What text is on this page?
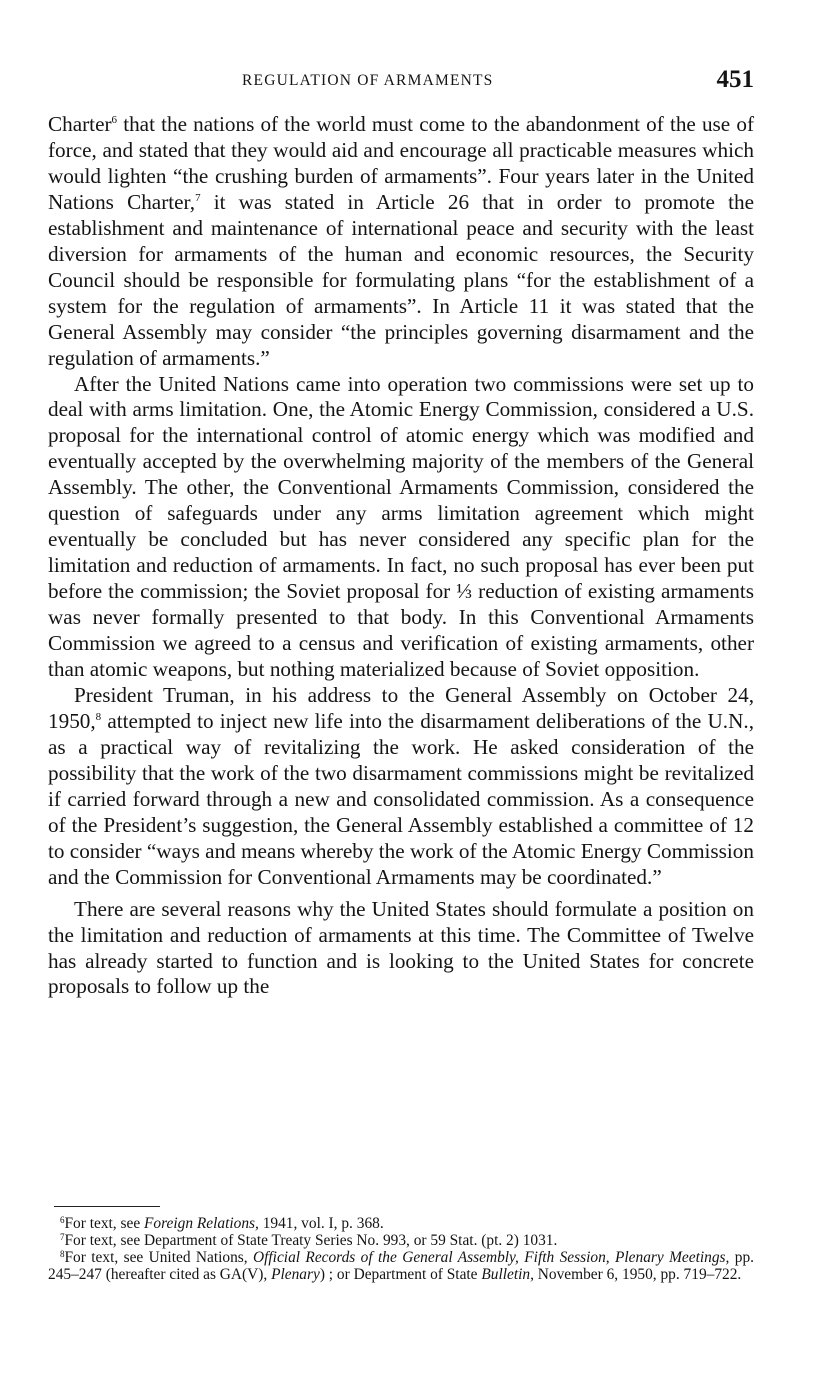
REGULATION OF ARMAMENTS	451

Charter$^6$ that the nations of the world must come to the abandonment of the use of force, and stated that they would aid and encourage all practicable measures which would lighten “the crushing burden of armaments”. Four years later in the United Nations Charter,$^7$ it was stated in Article 26 that in order to promote the establishment and maintenance of international peace and security with the least diversion for armaments of the human and economic resources, the Security Council should be responsible for formulating plans “for the establishment of a system for the regulation of armaments”. In Article 11 it was stated that the General Assembly may consider “the principles governing disarmament and the regulation of armaments.”

After the United Nations came into operation two commissions were set up to deal with arms limitation. One, the Atomic Energy Commission, considered a U.S. proposal for the international control of atomic energy which was modified and eventually accepted by the overwhelming majority of the members of the General Assembly. The other, the Conventional Armaments Commission, considered the question of safeguards under any arms limitation agreement which might eventually be concluded but has never considered any specific plan for the limitation and reduction of armaments. In fact, no such proposal has ever been put before the commission; the Soviet proposal for ⅓ reduction of existing armaments was never formally presented to that body. In this Conventional Armaments Commission we agreed to a census and verification of existing armaments, other than atomic weapons, but nothing materialized because of Soviet opposition.

President Truman, in his address to the General Assembly on October 24, 1950,$^8$ attempted to inject new life into the disarmament deliberations of the U.N., as a practical way of revitalizing the work. He asked consideration of the possibility that the work of the two disarmament commissions might be revitalized if carried forward through a new and consolidated commission. As a consequence of the President’s suggestion, the General Assembly established a committee of 12 to consider “ways and means whereby the work of the Atomic Energy Commission and the Commission for Conventional Armaments may be coordinated.”

There are several reasons why the United States should formulate a position on the limitation and reduction of armaments at this time. The Committee of Twelve has already started to function and is looking to the United States for concrete proposals to follow up the

$^6$For text, see Foreign Relations, 1941, vol. I, p. 368.

$^7$For text, see Department of State Treaty Series No. 993, or 59 Stat. (pt. 2) 1031.

$^8$For text, see United Nations, Official Records of the General Assembly, Fifth Session, Plenary Meetings, pp. 245–247 (hereafter cited as GA(V), Plenary) ; or Department of State Bulletin, November 6, 1950, pp. 719–722.
